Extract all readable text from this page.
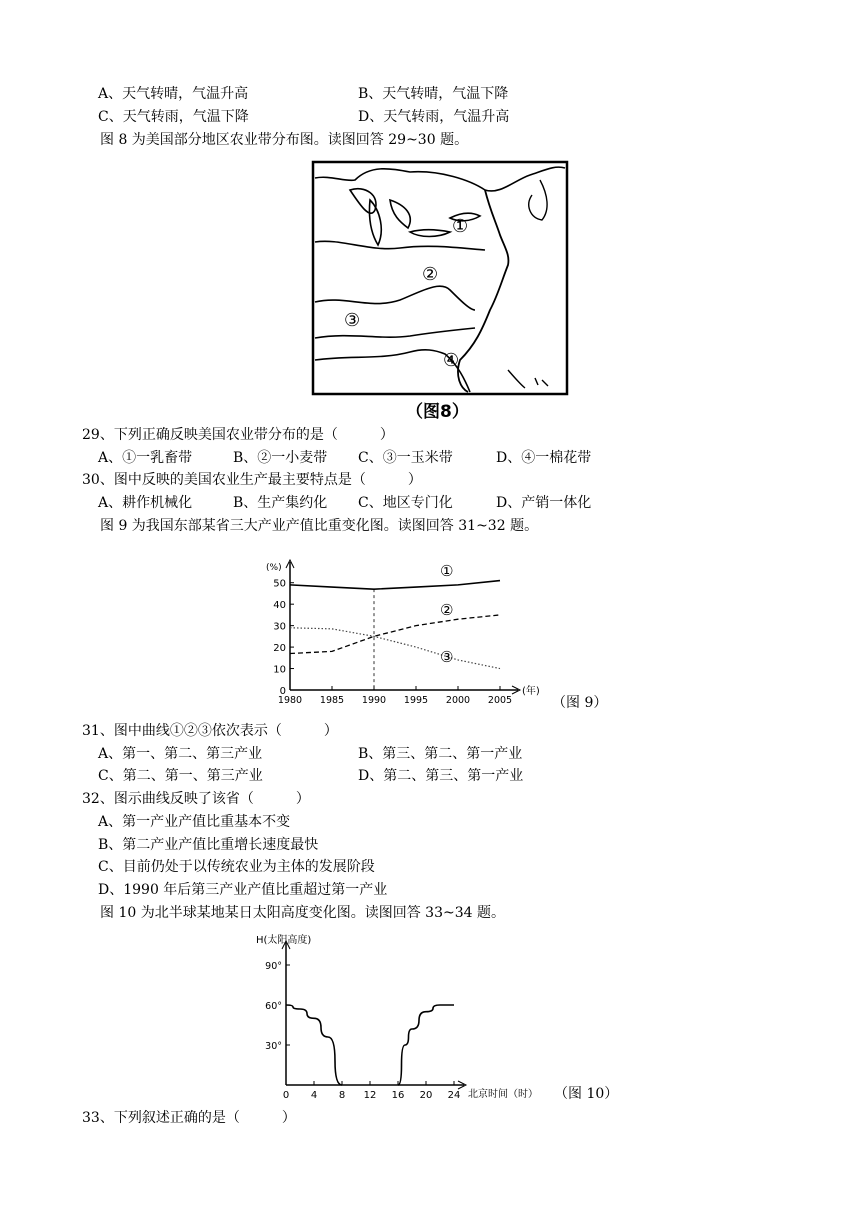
A、天气转晴，气温升高	B、天气转晴，气温下降
C、天气转雨，气温下降	D、天气转雨，气温升高
图 8 为美国部分地区农业带分布图。读图回答 29~30 题。
①
②
③
④
（图8）
29、下列正确反映美国农业带分布的是（　　　）
A、①一乳畜带	B、②一小麦带 C、③一玉米带	D、④一棉花带
30、图中反映的美国农业生产最主要特点是（　　　）
A、耕作机械化	B、生产集约化 C、地区专门化	D、产销一体化
图 9 为我国东部某省三大产业产值比重变化图。读图回答 31~32 题。
(%)
(年)
50
40
30
20
10
0
1980 1985 1990 1995 2000 2005
①
②
③
（图 9）
31、图中曲线①②③依次表示（　　　）
A、第一、第二、第三产业	B、第三、第二、第一产业
C、第二、第一、第三产业	D、第二、第三、第一产业
32、图示曲线反映了该省（　　　）
A、第一产业产值比重基本不变
B、第二产业产值比重增长速度最快
C、目前仍处于以传统农业为主体的发展阶段
D、1990 年后第三产业产值比重超过第一产业
图 10 为北半球某地某日太阳高度变化图。读图回答 33~34 题。
H(太阳高度)
北京时间（时）
90°
60°
30°
0 4 8 12 16 20 24	（图 10）
33、下列叙述正确的是（　　　）
